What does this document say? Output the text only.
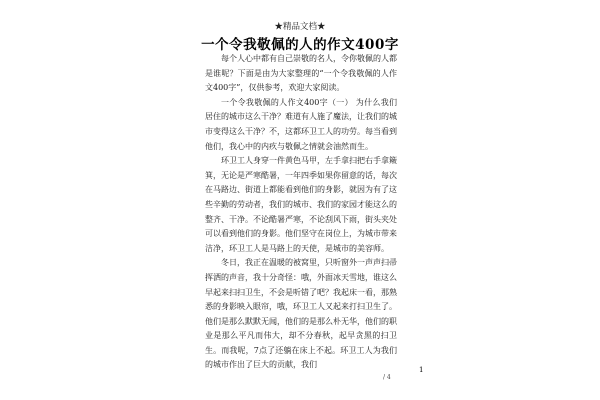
★精品文档★
一个令我敬佩的人的作文400字

每个人心中都有自己崇敬的名人，令你敬佩的人都是谁呢？下面是由为大家整理的“一个令我敬佩的人作文400字”，仅供参考，欢迎大家阅读。

一个令我敬佩的人作文400字（一） 为什么我们居住的城市这么干净？难道有人施了魔法，让我们的城市变得这么干净？不，这都环卫工人的功劳。每当看到他们，我心中的内疚与敬佩之情就会油然而生。

环卫工人身穿一件黄色马甲，左手拿扫把右手拿簸箕，无论是严寒酷暑，一年四季如果你留意的话，每次在马路边、街道上都能看到他们的身影，就因为有了这些辛勤的劳动者，我们的城市、我们的家园才能这么的整齐、干净。不论酷暑严寒，不论刮风下雨，街头夹处可以看到他们的身影。他们坚守在岗位上，为城市带来洁净，环卫工人是马路上的天使，是城市的美容师。

冬日，我正在温暖的被窝里，只听窗外一声声扫帚挥洒的声音，我十分奇怪：哦，外面冰天雪地，谁这么早起来扫扫卫生，不会是听错了吧？我起床一看，那熟悉的身影映入眼帘，哦，环卫工人又起来打扫卫生了。他们是那么默默无闻，他们的是那么朴无华，他们的职业是那么平凡而伟大，却不分春秋，起早贪黑的扫卫生。而我呢，7点了还躺在床上不起。环卫工人为我们的城市作出了巨大的贡献，我们

/ 4
1
